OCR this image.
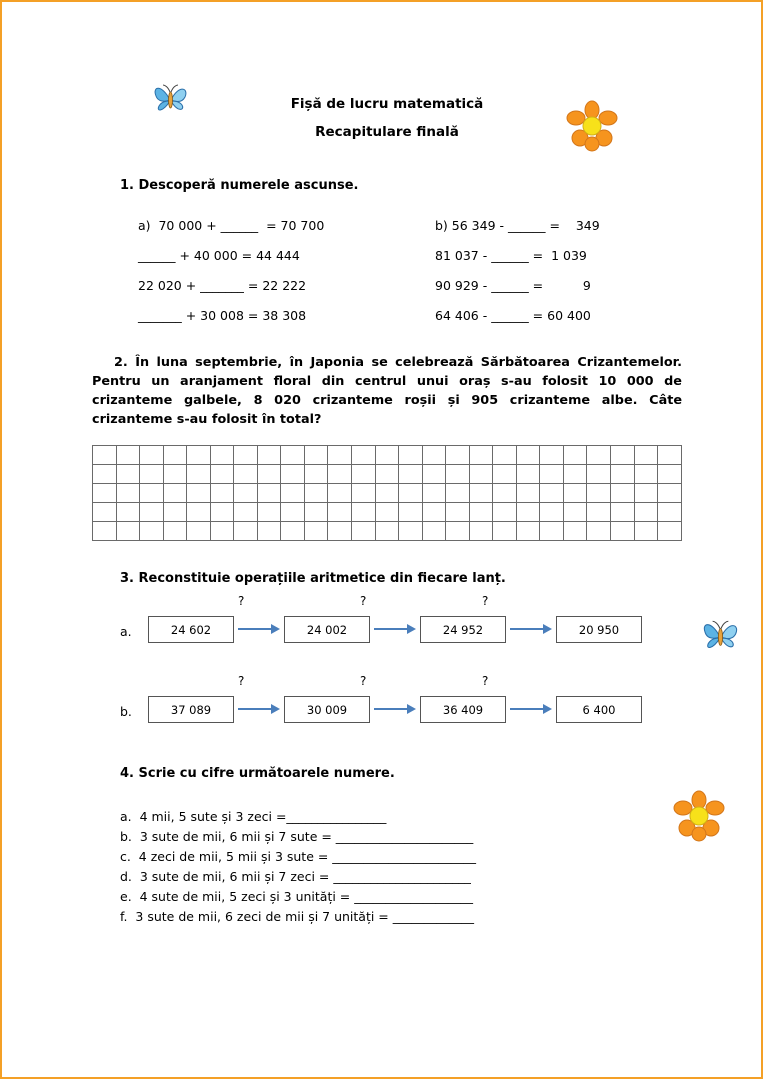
Fișă de lucru matematică
Recapitulare finală
1. Descoperă numerele ascunse.
a)  70 000 + ______  = 70 700
______ + 40 000 = 44 444
22 020 + _______ = 22 222
_______ + 30 008 = 38 308
b) 56 349 - ______ =    349
81 037 - ______ =  1 039
90 929 - ______ =          9
64 406 - ______ = 60 400
2. În luna septembrie, în Japonia se celebrează Sărbătoarea Crizantemelor. Pentru un aranjament floral din centrul unui oraș s-au folosit 10 000 de crizanteme galbele, 8 020 crizanteme roșii și 905 crizanteme albe. Câte crizanteme s-au folosit în total?

3. Reconstituie operațiile aritmetice din fiecare lanț.
a.
?	?	?
24 602	24 002	24 952	20 950
b.
?	?	?
37 089	30 009	36 409	6 400
4. Scrie cu cifre următoarele numere.
a.  4 mii, 5 sute și 3 zeci =________________
b.  3 sute de mii, 6 mii și 7 sute = ______________________
c.  4 zeci de mii, 5 mii și 3 sute = _______________________
d.  3 sute de mii, 6 mii și 7 zeci = ______________________
e.  4 sute de mii, 5 zeci și 3 unități = ___________________
f.  3 sute de mii, 6 zeci de mii și 7 unități = _____________
